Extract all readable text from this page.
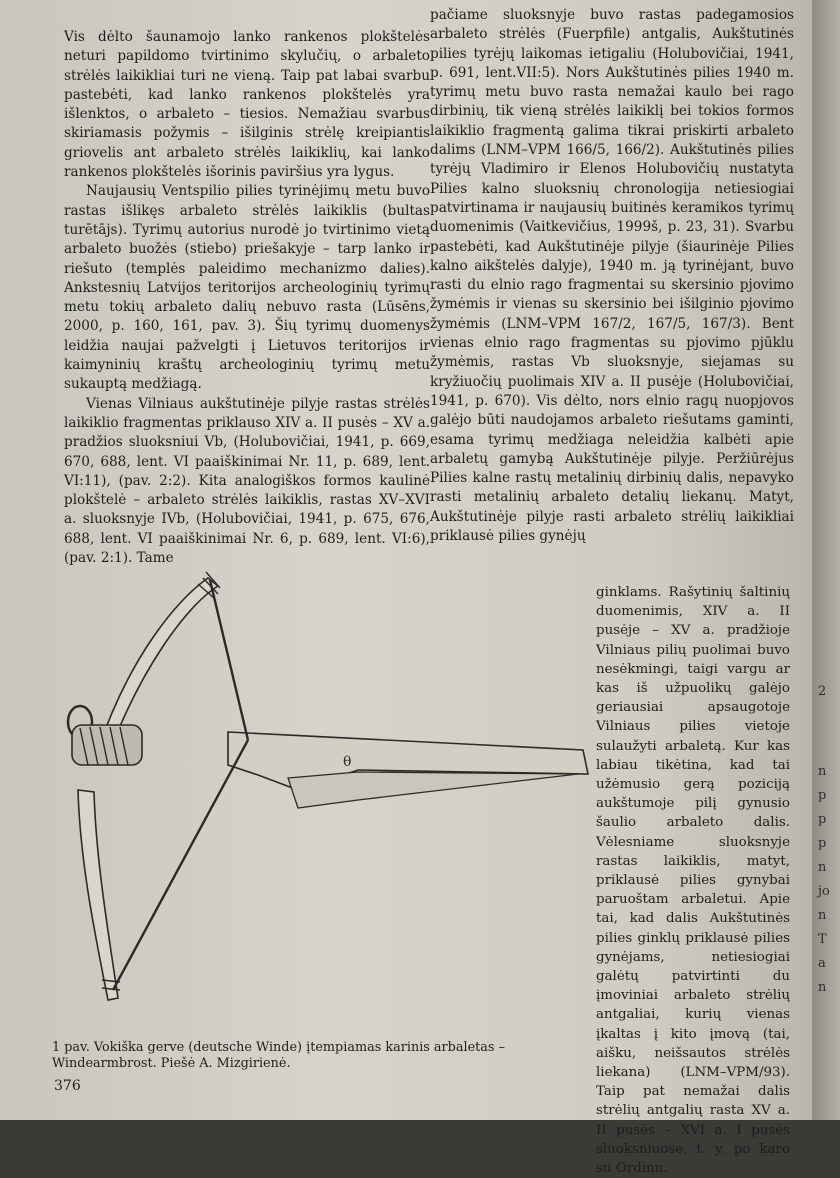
Vis dėlto šaunamojo lanko rankenos plokštelės neturi papildomo tvirtinimo skylučių, o arbaleto strėlės laikikliai turi ne vieną. Taip pat labai svarbu pastebėti, kad lanko rankenos plokštelės yra išlenktos, o arbaleto – tiesios. Nemažiau svarbus skiriamasis požymis – išilginis strėlę kreipiantis griovelis ant arbaleto strėlės laikiklių, kai lanko rankenos plokštelės išorinis paviršius yra lygus.

Naujausių Ventspilio pilies tyrinėjimų metu buvo rastas išlikęs arbaleto strėlės laikiklis (bultas turētājs). Tyrimų autorius nurodė jo tvirtinimo vietą arbaleto buožės (stiebo) priešakyje – tarp lanko ir riešuto (templės paleidimo mechanizmo dalies). Ankstesnių Latvijos teritorijos archeologinių tyrimų metu tokių arbaleto dalių nebuvo rasta (Lūsēns, 2000, p. 160, 161, pav. 3). Šių tyrimų duomenys leidžia naujai pažvelgti į Lietuvos teritorijos ir kaimyninių kraštų archeologinių tyrimų metu sukauptą medžiagą.

Vienas Vilniaus aukštutinėje pilyje rastas strėlės laikiklio fragmentas priklauso XIV a. II pusės – XV a. pradžios sluoksniui Vb, (Holubovičiai, 1941, p. 669, 670, 688, lent. VI paaiškinimai Nr. 11, p. 689, lent. VI:11), (pav. 2:2). Kita analogiškos formos kaulinė plokštelė – arbaleto strėlės laikiklis, rastas XV–XVI a. sluoksnyje IVb, (Holubovičiai, 1941, p. 675, 676, 688, lent. VI paaiškinimai Nr. 6, p. 689, lent. VI:6), (pav. 2:1). Tame

pačiame sluoksnyje buvo rastas padegamosios arbaleto strėlės (Fuerpfile) antgalis, Aukštutinės pilies tyrėjų laikomas ietigaliu (Holubovičiai, 1941, p. 691, lent.VII:5). Nors Aukštutinės pilies 1940 m. tyrimų metu buvo rasta nemažai kaulo bei rago dirbinių, tik vieną strėlės laikiklį bei tokios formos laikiklio fragmentą galima tikrai priskirti arbaleto dalims (LNM–VPM 166/5, 166/2). Aukštutinės pilies tyrėjų Vladimiro ir Elenos Holubovičių nustatyta Pilies kalno sluoksnių chronologija netiesiogiai patvirtinama ir naujausių buitinės keramikos tyrimų duomenimis (Vaitkevičius, 1999š, p. 23, 31). Svarbu pastebėti, kad Aukštutinėje pilyje (šiaurinėje Pilies kalno aikštelės dalyje), 1940 m. ją tyrinėjant, buvo rasti du elnio rago fragmentai su skersinio pjovimo žymėmis ir vienas su skersinio bei išilginio pjovimo žymėmis (LNM–VPM 167/2, 167/5, 167/3). Bent vienas elnio rago fragmentas su pjovimo pjūklu žymėmis, rastas Vb sluoksnyje, siejamas su kryžiuočių puolimais XIV a. II pusėje (Holubovičiai, 1941, p. 670). Vis dėlto, nors elnio ragų nuopjovos galėjo būti naudojamos arbaleto riešutams gaminti, esama tyrimų medžiaga neleidžia kalbėti apie arbaletų gamybą Aukštutinėje pilyje. Peržiūrėjus Pilies kalne rastų metalinių dirbinių dalis, nepavyko rasti metalinių arbaleto detalių liekanų. Matyt, Aukštutinėje pilyje rasti arbaleto strėlių laikikliai priklausė pilies gynėjų

ginklams. Rašytinių šaltinių duomenimis, XIV a. II pusėje – XV a. pradžioje Vilniaus pilių puolimai buvo nesėkmingi, taigi vargu ar kas iš užpuolikų galėjo geriausiai apsaugotoje Vilniaus pilies vietoje sulaužyti arbaletą. Kur kas labiau tikėtina, kad tai užėmusio gerą poziciją aukštumoje pilį gynusio šaulio arbaleto dalis. Vėlesniame sluoksnyje rastas laikiklis, matyt, priklausė pilies gynybai paruoštam arbaletui. Apie tai, kad dalis Aukštutinės pilies ginklų priklausė pilies gynėjams, netiesiogiai galėtų patvirtinti du įmoviniai arbaleto strėlių antgaliai, kurių vienas įkaltas į kito įmovą (tai, aišku, neišsautos strėlės liekana) (LNM–VPM/93). Taip pat nemažai dalis strėlių antgalių rasta XV a. II pusės – XVI a. I pusės sluoksniuose, t. y. po karo su Ordinu.

θ
1 pav. Vokiška gerve (deutsche Winde) įtempiamas karinis arbaletas – Windearmbrost. Piešė A. Mizgirienė.
376
2
n
p
p
p
n
jo
n
T
a
n
